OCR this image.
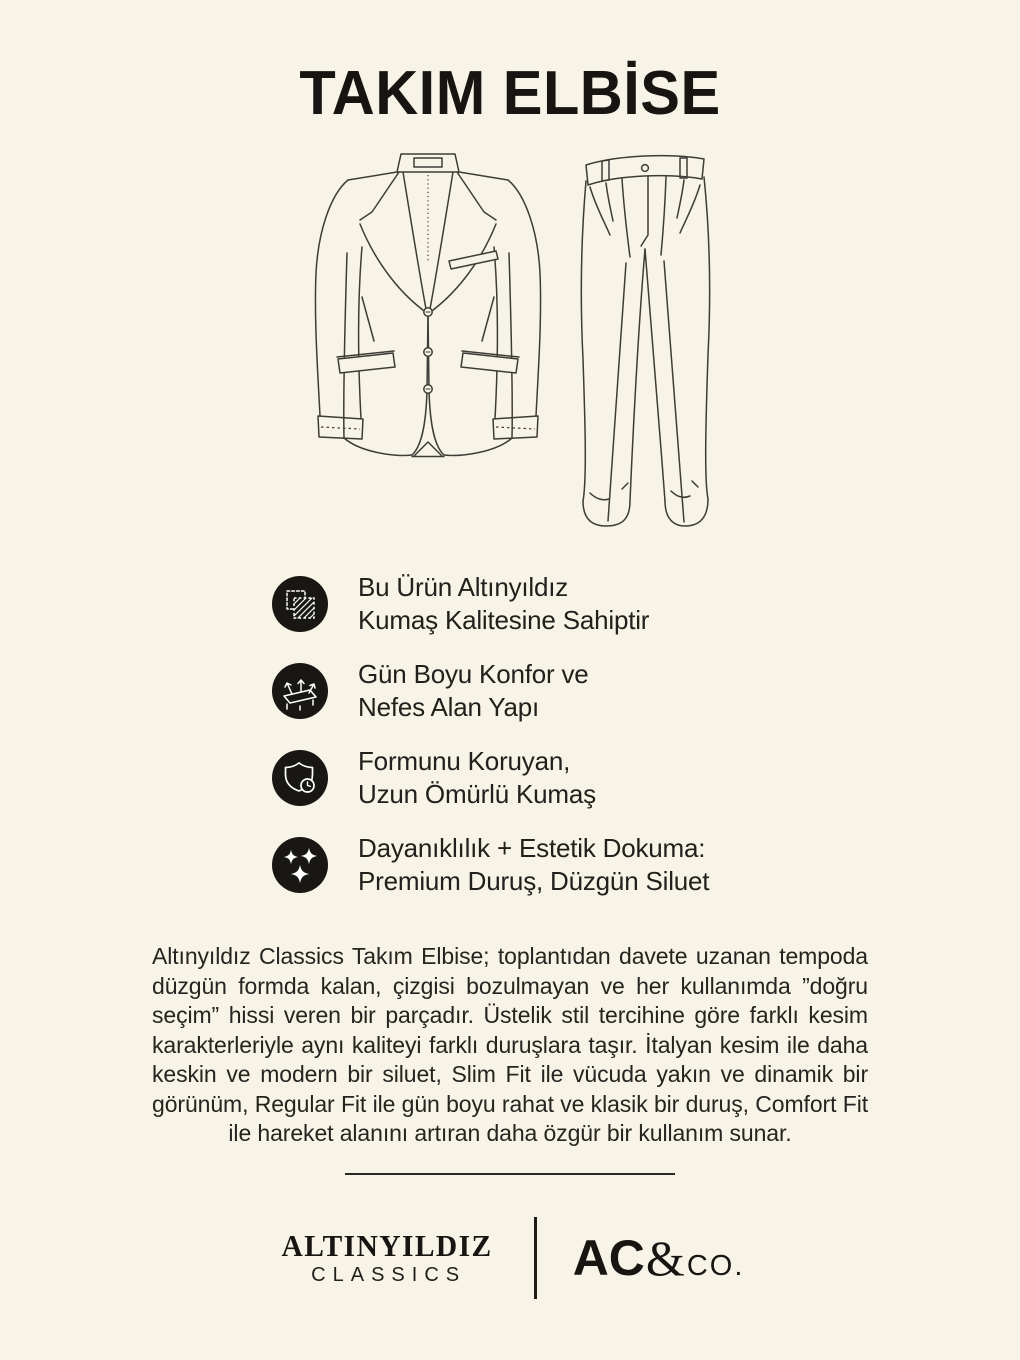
TAKIM ELBİSE
Bu Ürün Altınyıldız
Kumaş Kalitesine Sahiptir
Gün Boyu Konfor ve
Nefes Alan Yapı
Formunu Koruyan,
Uzun Ömürlü Kumaş
Dayanıklılık + Estetik Dokuma:
Premium Duruş, Düzgün Siluet

Altınyıldız Classics Takım Elbise; toplantıdan davete uzanan tempoda düzgün formda kalan, çizgisi bozulmayan ve her kullanımda ”doğru seçim” hissi veren bir parçadır. Üstelik stil tercihine göre farklı kesim karakterleriyle aynı kaliteyi farklı duruşlara taşır. İtalyan kesim ile daha keskin ve modern bir siluet, Slim Fit ile vücuda yakın ve dinamik bir görünüm, Regular Fit ile gün boyu rahat ve klasik bir duruş, Comfort Fit ile hareket alanını artıran daha özgür bir kullanım sunar.

ALTINYILDIZ
CLASSICS	AC & CO.
